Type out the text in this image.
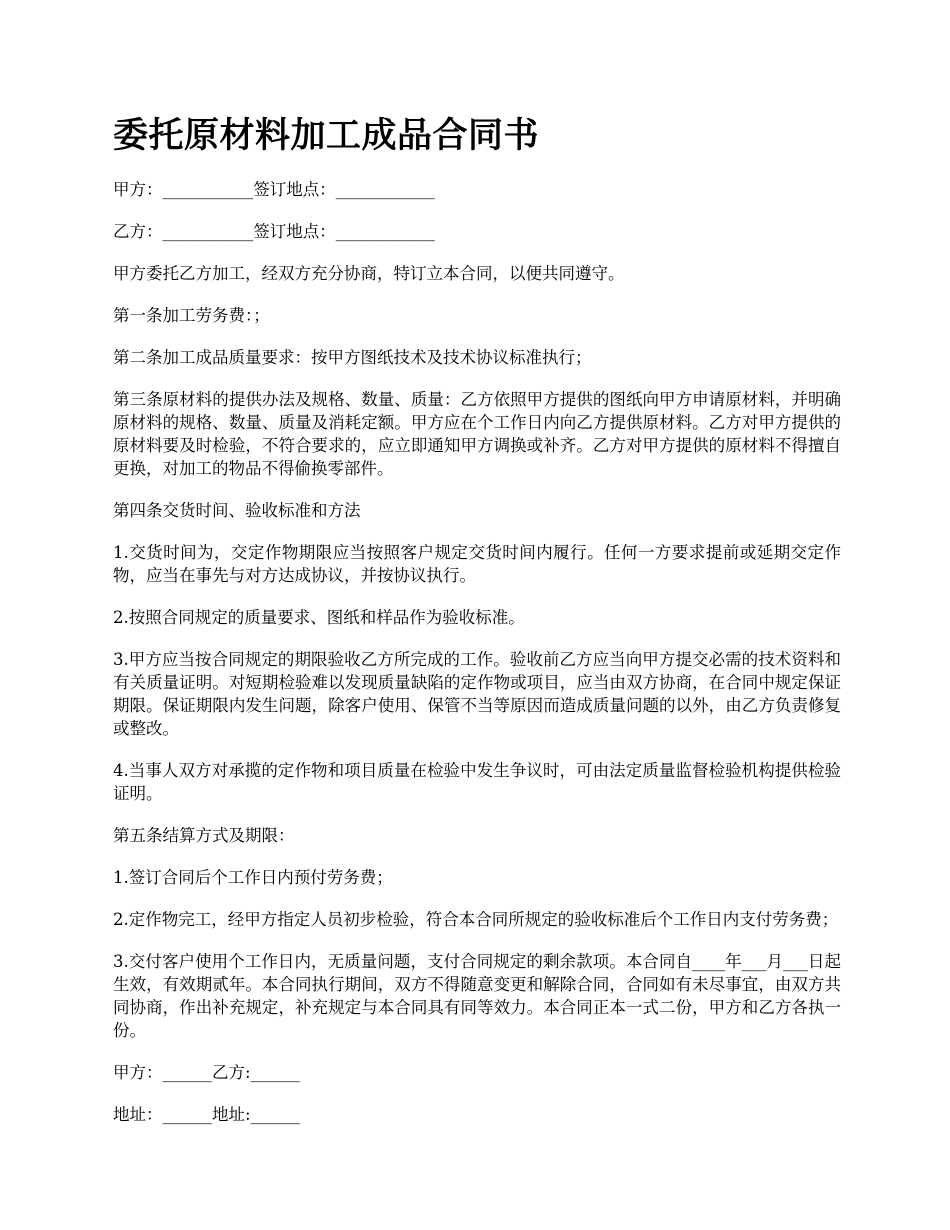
委托原材料加工成品合同书

甲方：___________签订地点：____________

乙方：___________签订地点：____________

甲方委托乙方加工，经双方充分协商，特订立本合同，以便共同遵守。

第一条加工劳务费：；

第二条加工成品质量要求：按甲方图纸技术及技术协议标准执行；

第三条原材料的提供办法及规格、数量、质量：乙方依照甲方提供的图纸向甲方申请原材料，并明确原材料的规格、数量、质量及消耗定额。甲方应在个工作日内向乙方提供原材料。乙方对甲方提供的原材料要及时检验，不符合要求的，应立即通知甲方调换或补齐。乙方对甲方提供的原材料不得擅自更换，对加工的物品不得偷换零部件。

第四条交货时间、验收标准和方法

1.交货时间为，交定作物期限应当按照客户规定交货时间内履行。任何一方要求提前或延期交定作物，应当在事先与对方达成协议，并按协议执行。

2.按照合同规定的质量要求、图纸和样品作为验收标准。

3.甲方应当按合同规定的期限验收乙方所完成的工作。验收前乙方应当向甲方提交必需的技术资料和有关质量证明。对短期检验难以发现质量缺陷的定作物或项目，应当由双方协商，在合同中规定保证期限。保证期限内发生问题，除客户使用、保管不当等原因而造成质量问题的以外，由乙方负责修复或整改。

4.当事人双方对承揽的定作物和项目质量在检验中发生争议时，可由法定质量监督检验机构提供检验证明。

第五条结算方式及期限：

1.签订合同后个工作日内预付劳务费；

2.定作物完工，经甲方指定人员初步检验，符合本合同所规定的验收标准后个工作日内支付劳务费；

3.交付客户使用个工作日内，无质量问题，支付合同规定的剩余款项。本合同自____年___月___日起生效，有效期贰年。本合同执行期间，双方不得随意变更和解除合同，合同如有未尽事宜，由双方共同协商，作出补充规定，补充规定与本合同具有同等效力。本合同正本一式二份，甲方和乙方各执一份。

甲方：______乙方:______

地址：______地址:______
